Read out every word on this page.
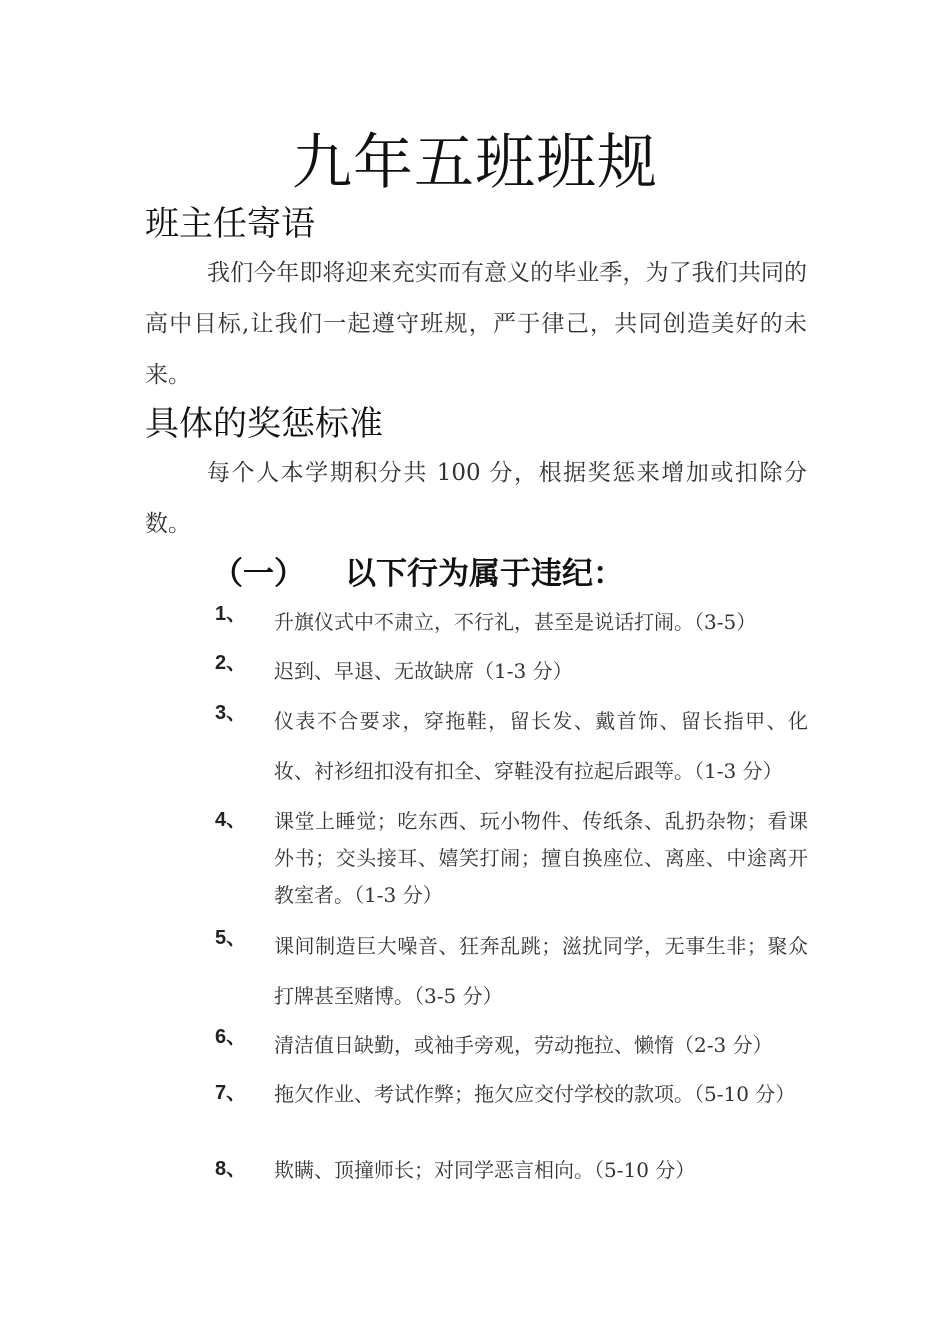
九年五班班规
班主任寄语
我们今年即将迎来充实而有意义的毕业季，为了我们共同的高中目标,让我们一起遵守班规，严于律己，共同创造美好的未来。
具体的奖惩标准
每个人本学期积分共 100 分，根据奖惩来增加或扣除分数。
（一） 以下行为属于违纪：
1、	升旗仪式中不肃立，不行礼，甚至是说话打闹。（3-5）
2、	迟到、早退、无故缺席（1-3 分）
3、	仪表不合要求，穿拖鞋，留长发、戴首饰、留长指甲、化妆、衬衫纽扣没有扣全、穿鞋没有拉起后跟等。（1-3 分）
4、	课堂上睡觉；吃东西、玩小物件、传纸条、乱扔杂物；看课外书；交头接耳、嬉笑打闹；擅自换座位、离座、中途离开教室者。（1-3 分）
5、	课间制造巨大噪音、狂奔乱跳；滋扰同学，无事生非；聚众打牌甚至赌博。（3-5 分）
6、	清洁值日缺勤，或袖手旁观，劳动拖拉、懒惰（2-3 分）
7、	拖欠作业、考试作弊；拖欠应交付学校的款项。（5-10 分）
8、	欺瞒、顶撞师长；对同学恶言相向。（5-10 分）
